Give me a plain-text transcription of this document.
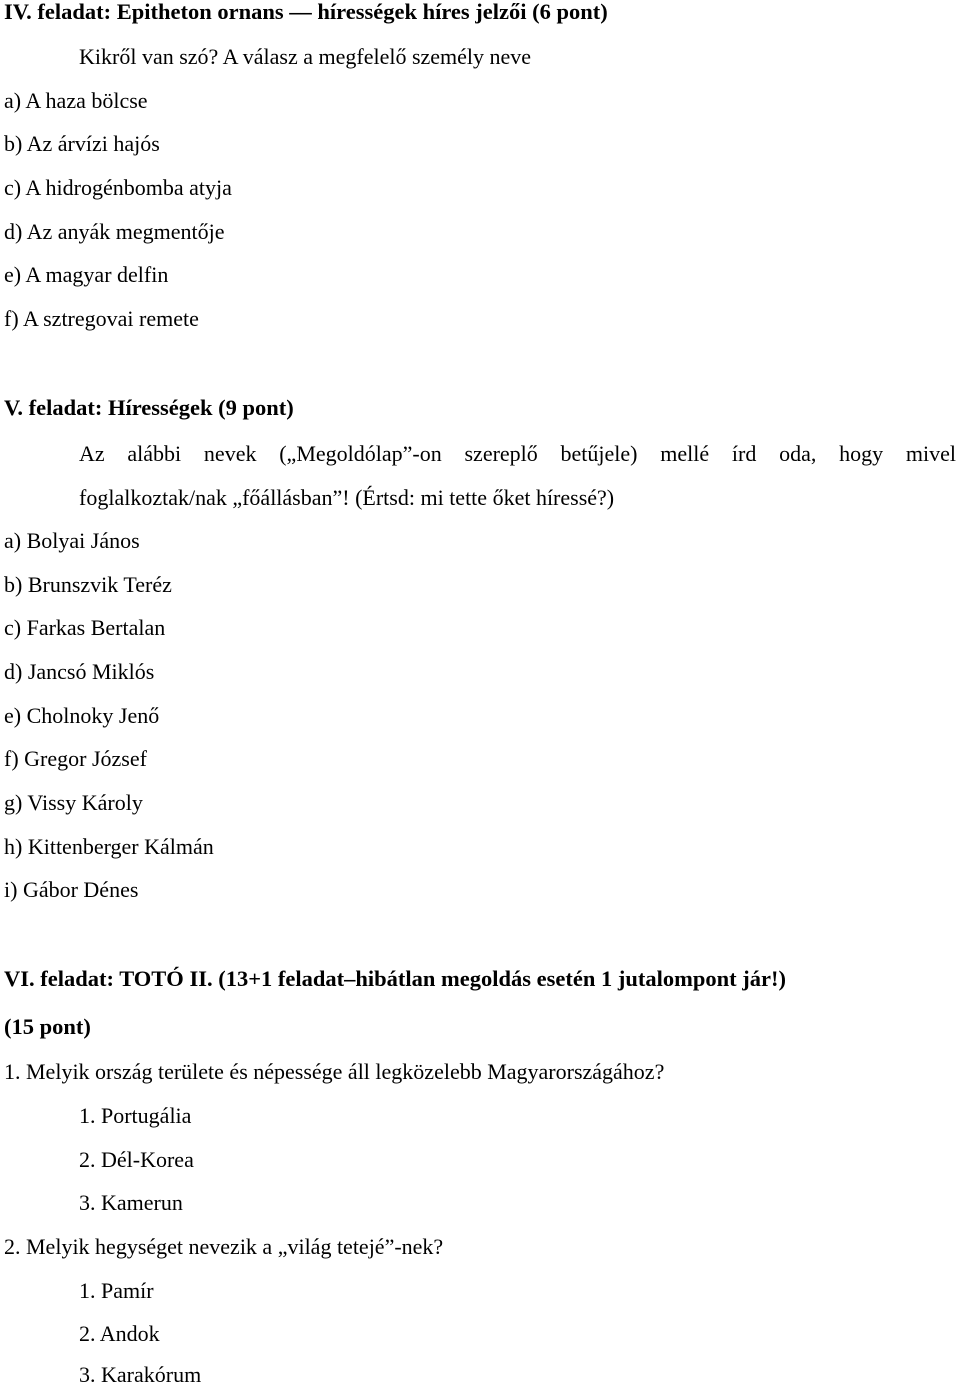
IV. feladat: Epitheton ornans –– hírességek híres jelzői (6 pont)
Kikről van szó? A válasz a megfelelő személy neve
a) A haza bölcse
b) Az árvízi hajós
c) A hidrogénbomba atyja
d) Az anyák megmentője
e) A magyar delfin
f) A sztregovai remete
V. feladat: Hírességek (9 pont)
Az alábbi nevek („Megoldólap”-on szereplő betűjele) mellé írd oda, hogy mivel
foglalkoztak/nak „főállásban”! (Értsd: mi tette őket híressé?)
a) Bolyai János
b) Brunszvik Teréz
c) Farkas Bertalan
d) Jancsó Miklós
e) Cholnoky Jenő
f) Gregor József
g) Vissy Károly
h) Kittenberger Kálmán
i) Gábor Dénes
VI. feladat: TOTÓ II. (13+1 feladat–hibátlan megoldás esetén 1 jutalompont jár!)
(15 pont)
1. Melyik ország területe és népessége áll legközelebb Magyarországához?
1. Portugália
2. Dél-Korea
3. Kamerun
2. Melyik hegységet nevezik a „világ tetejé”-nek?
1. Pamír
2. Andok
3. Karakórum
